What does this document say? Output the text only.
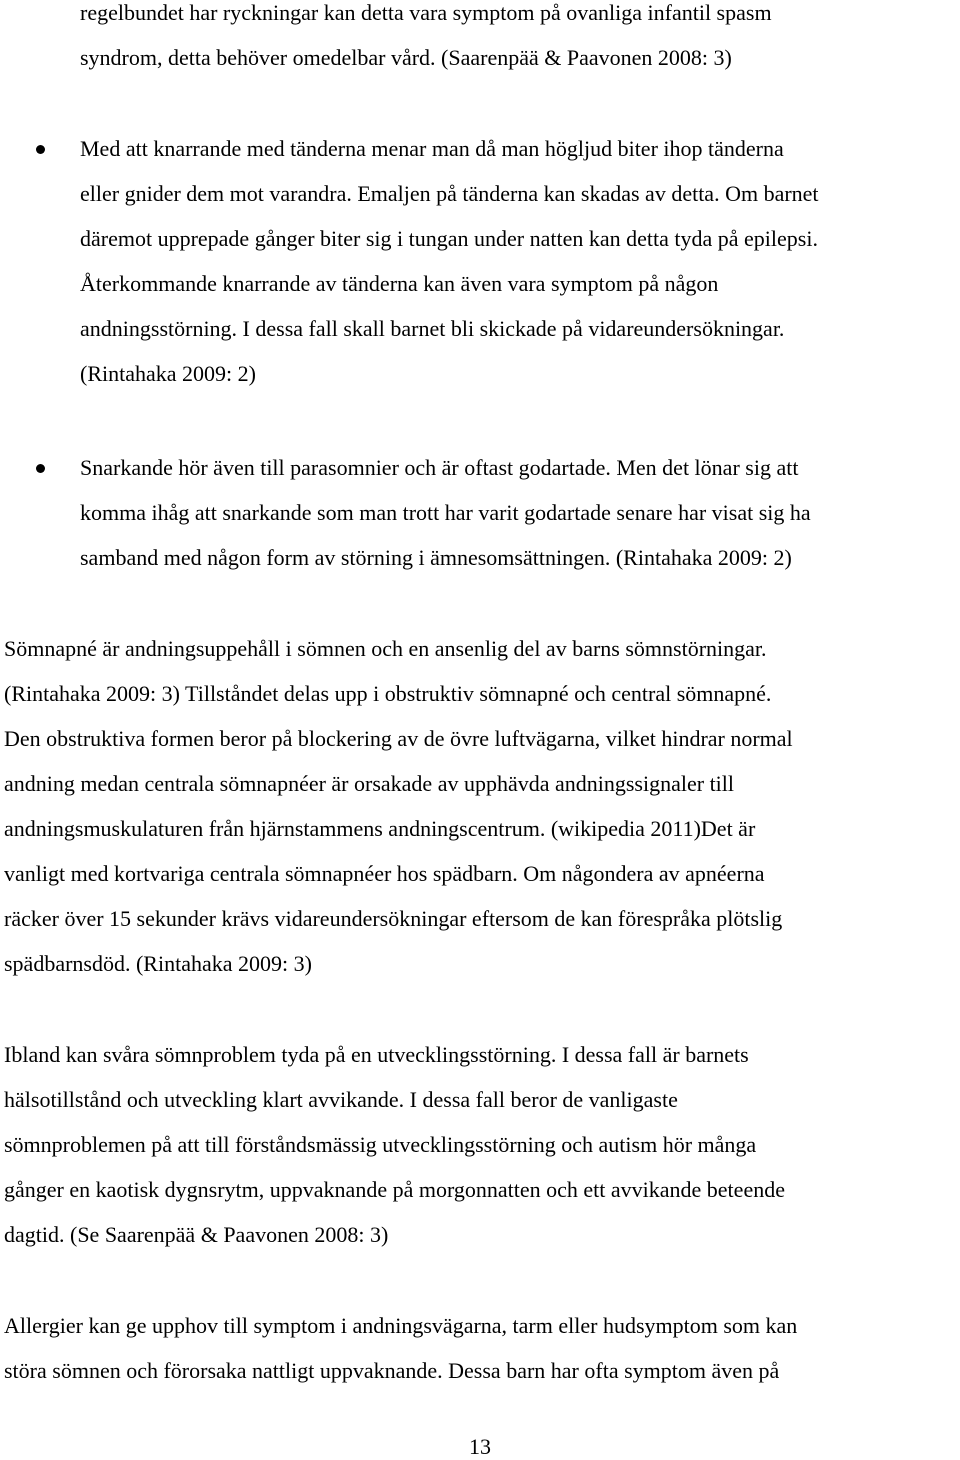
regelbundet har ryckningar kan detta vara symptom på ovanliga infantil spasm
syndrom, detta behöver omedelbar vård. (Saarenpää & Paavonen 2008: 3)
Med att knarrande med tänderna menar man då man högljud biter ihop tänderna
eller gnider dem mot varandra. Emaljen på tänderna kan skadas av detta. Om barnet
däremot upprepade gånger biter sig i tungan under natten kan detta tyda på epilepsi.
Återkommande knarrande av tänderna kan även vara symptom på någon
andningsstörning. I dessa fall skall barnet bli skickade på vidareundersökningar.
(Rintahaka 2009: 2)
Snarkande hör även till parasomnier och är oftast godartade. Men det lönar sig att
komma ihåg att snarkande som man trott har varit godartade senare har visat sig ha
samband med någon form av störning i ämnesomsättningen. (Rintahaka 2009: 2)
Sömnapné är andningsuppehåll i sömnen och en ansenlig del av barns sömnstörningar.
(Rintahaka 2009: 3) Tillståndet delas upp i obstruktiv sömnapné och central sömnapné.
Den obstruktiva formen beror på blockering av de övre luftvägarna, vilket hindrar normal
andning medan centrala sömnapnéer är orsakade av upphävda andningssignaler till
andningsmuskulaturen från hjärnstammens andningscentrum. (wikipedia 2011)Det är
vanligt med kortvariga centrala sömnapnéer hos spädbarn. Om någondera av apnéerna
räcker över 15 sekunder krävs vidareundersökningar eftersom de kan förespråka plötslig
spädbarnsdöd. (Rintahaka 2009: 3)
Ibland kan svåra sömnproblem tyda på en utvecklingsstörning. I dessa fall är barnets
hälsotillstånd och utveckling klart avvikande. I dessa fall beror de vanligaste
sömnproblemen på att till förståndsmässig utvecklingsstörning och autism hör många
gånger en kaotisk dygnsrytm, uppvaknande på morgonnatten och ett avvikande beteende
dagtid. (Se Saarenpää & Paavonen 2008: 3)
Allergier kan ge upphov till symptom i andningsvägarna, tarm eller hudsymptom som kan
störa sömnen och förorsaka nattligt uppvaknande. Dessa barn har ofta symptom även på
13
